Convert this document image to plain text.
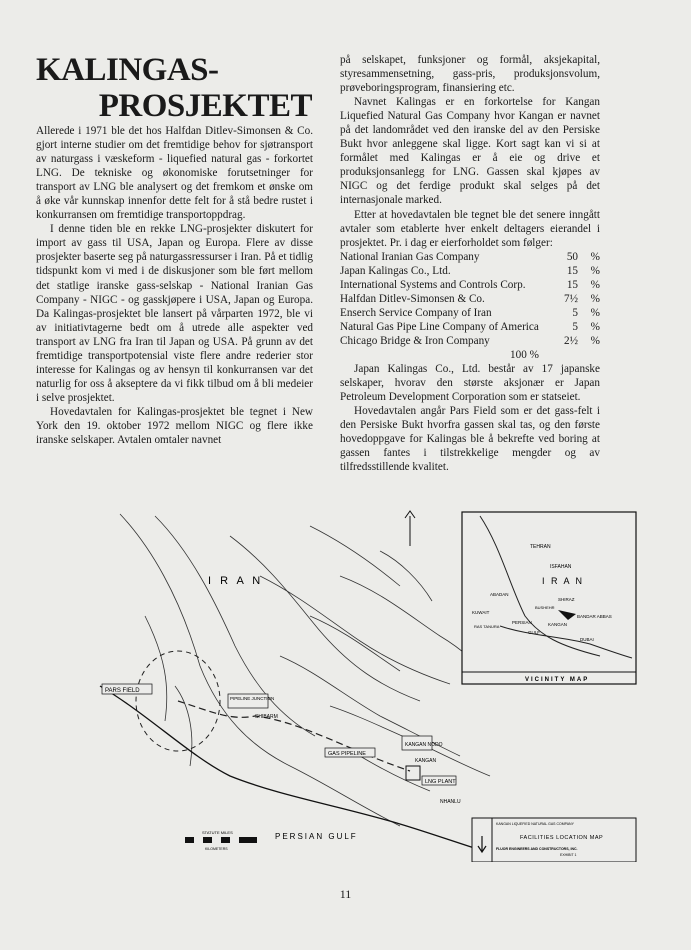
KALINGAS-
PROSJEKTET

Allerede i 1971 ble det hos Halfdan Ditlev-Simonsen & Co. gjort interne studier om det fremtidige behov for sjøtransport av naturgass i væskeform - liquefied natural gas - forkortet LNG. De tekniske og økonomiske forutsetninger for transport av LNG ble analysert og det fremkom et ønske om å øke vår kunnskap innenfor dette felt for å stå bedre rustet i konkurransen om fremtidige transportoppdrag.

I denne tiden ble en rekke LNG-prosjekter diskutert for import av gass til USA, Japan og Europa. Flere av disse prosjekter baserte seg på naturgassressurser i Iran. På et tidlig tidspunkt kom vi med i de diskusjoner som ble ført mellom det statlige iranske gass-selskap - National Iranian Gas Company - NIGC - og gasskjøpere i USA, Japan og Europa. Da Kalingas-prosjektet ble lansert på vårparten 1972, ble vi av initiativtagerne bedt om å utrede alle aspekter ved transport av LNG fra Iran til Japan og USA. På grunn av det fremtidige transportpotensial viste flere andre rederier stor interesse for Kalingas og av hensyn til konkurransen var det naturlig for oss å akseptere da vi fikk tilbud om å bli medeier i selve prosjektet.

Hovedavtalen for Kalingas-prosjektet ble tegnet i New York den 19. oktober 1972 mellom NIGC og flere ikke iranske selskaper. Avtalen omtaler navnet

på selskapet, funksjoner og formål, aksjekapital, styresammensetning, gass-pris, produksjonsvolum, prøveboringsprogram, finansiering etc.

Navnet Kalingas er en forkortelse for Kangan Liquefied Natural Gas Company hvor Kangan er navnet på det landområdet ved den iranske del av den Persiske Bukt hvor anleggene skal ligge. Kort sagt kan vi si at formålet med Kalingas er å eie og drive et produksjonsanlegg for LNG. Gassen skal kjøpes av NIGC og det ferdige produkt skal selges på det internasjonale marked.

Etter at hovedavtalen ble tegnet ble det senere inngått avtaler som etablerte hver enkelt deltagers eierandel i prosjektet. Pr. i dag er eierforholdet som følger:

National Iranian Gas Company	50	%
Japan Kalingas Co., Ltd.	15	%
International Systems and Controls Corp.	15	%
Halfdan Ditlev-Simonsen & Co.	7½	%
Enserch Service Company of Iran	5	%
Natural Gas Pipe Line Company of America	5	%
Chicago Bridge & Iron Company	2½	%
100 %

Japan Kalingas Co., Ltd. består av 17 japanske selskaper, hvorav den største aksjonær er Japan Petroleum Development Corporation som er statseiet.

Hovedavtalen angår Pars Field som er det gass-felt i den Persiske Bukt hvorfra gassen skal tas, og den første hovedoppgave for Kalingas ble å bekrefte ved boring at gassen fantes i tilstrekkelige mengder og av tilfredsstillende kvalitet.

I R A N
PERSIAN GULF
PARS FIELD
PIPELINE JUNCTION
SHIBARM
GAS PIPELINE
KANGAN NODO
KANGAN
LNG PLANT
NHANLU
STATUTE MILES
KILOMETERS
TEHRAN
ISFAHAN
I R A N
ABADAN
SHIRAZ
BUSHEHR
KUWAIT
BANDAR ABBAS
RAS TANURA	KANGAN
DUBAI
PERSIAN
GULF
VICINITY MAP
KANGAN LIQUEFIED NATURAL GAS COMPANY
FACILITIES LOCATION MAP
FLUOR ENGINEERS AND CONSTRUCTORS, INC.
EXHIBIT 1
11
